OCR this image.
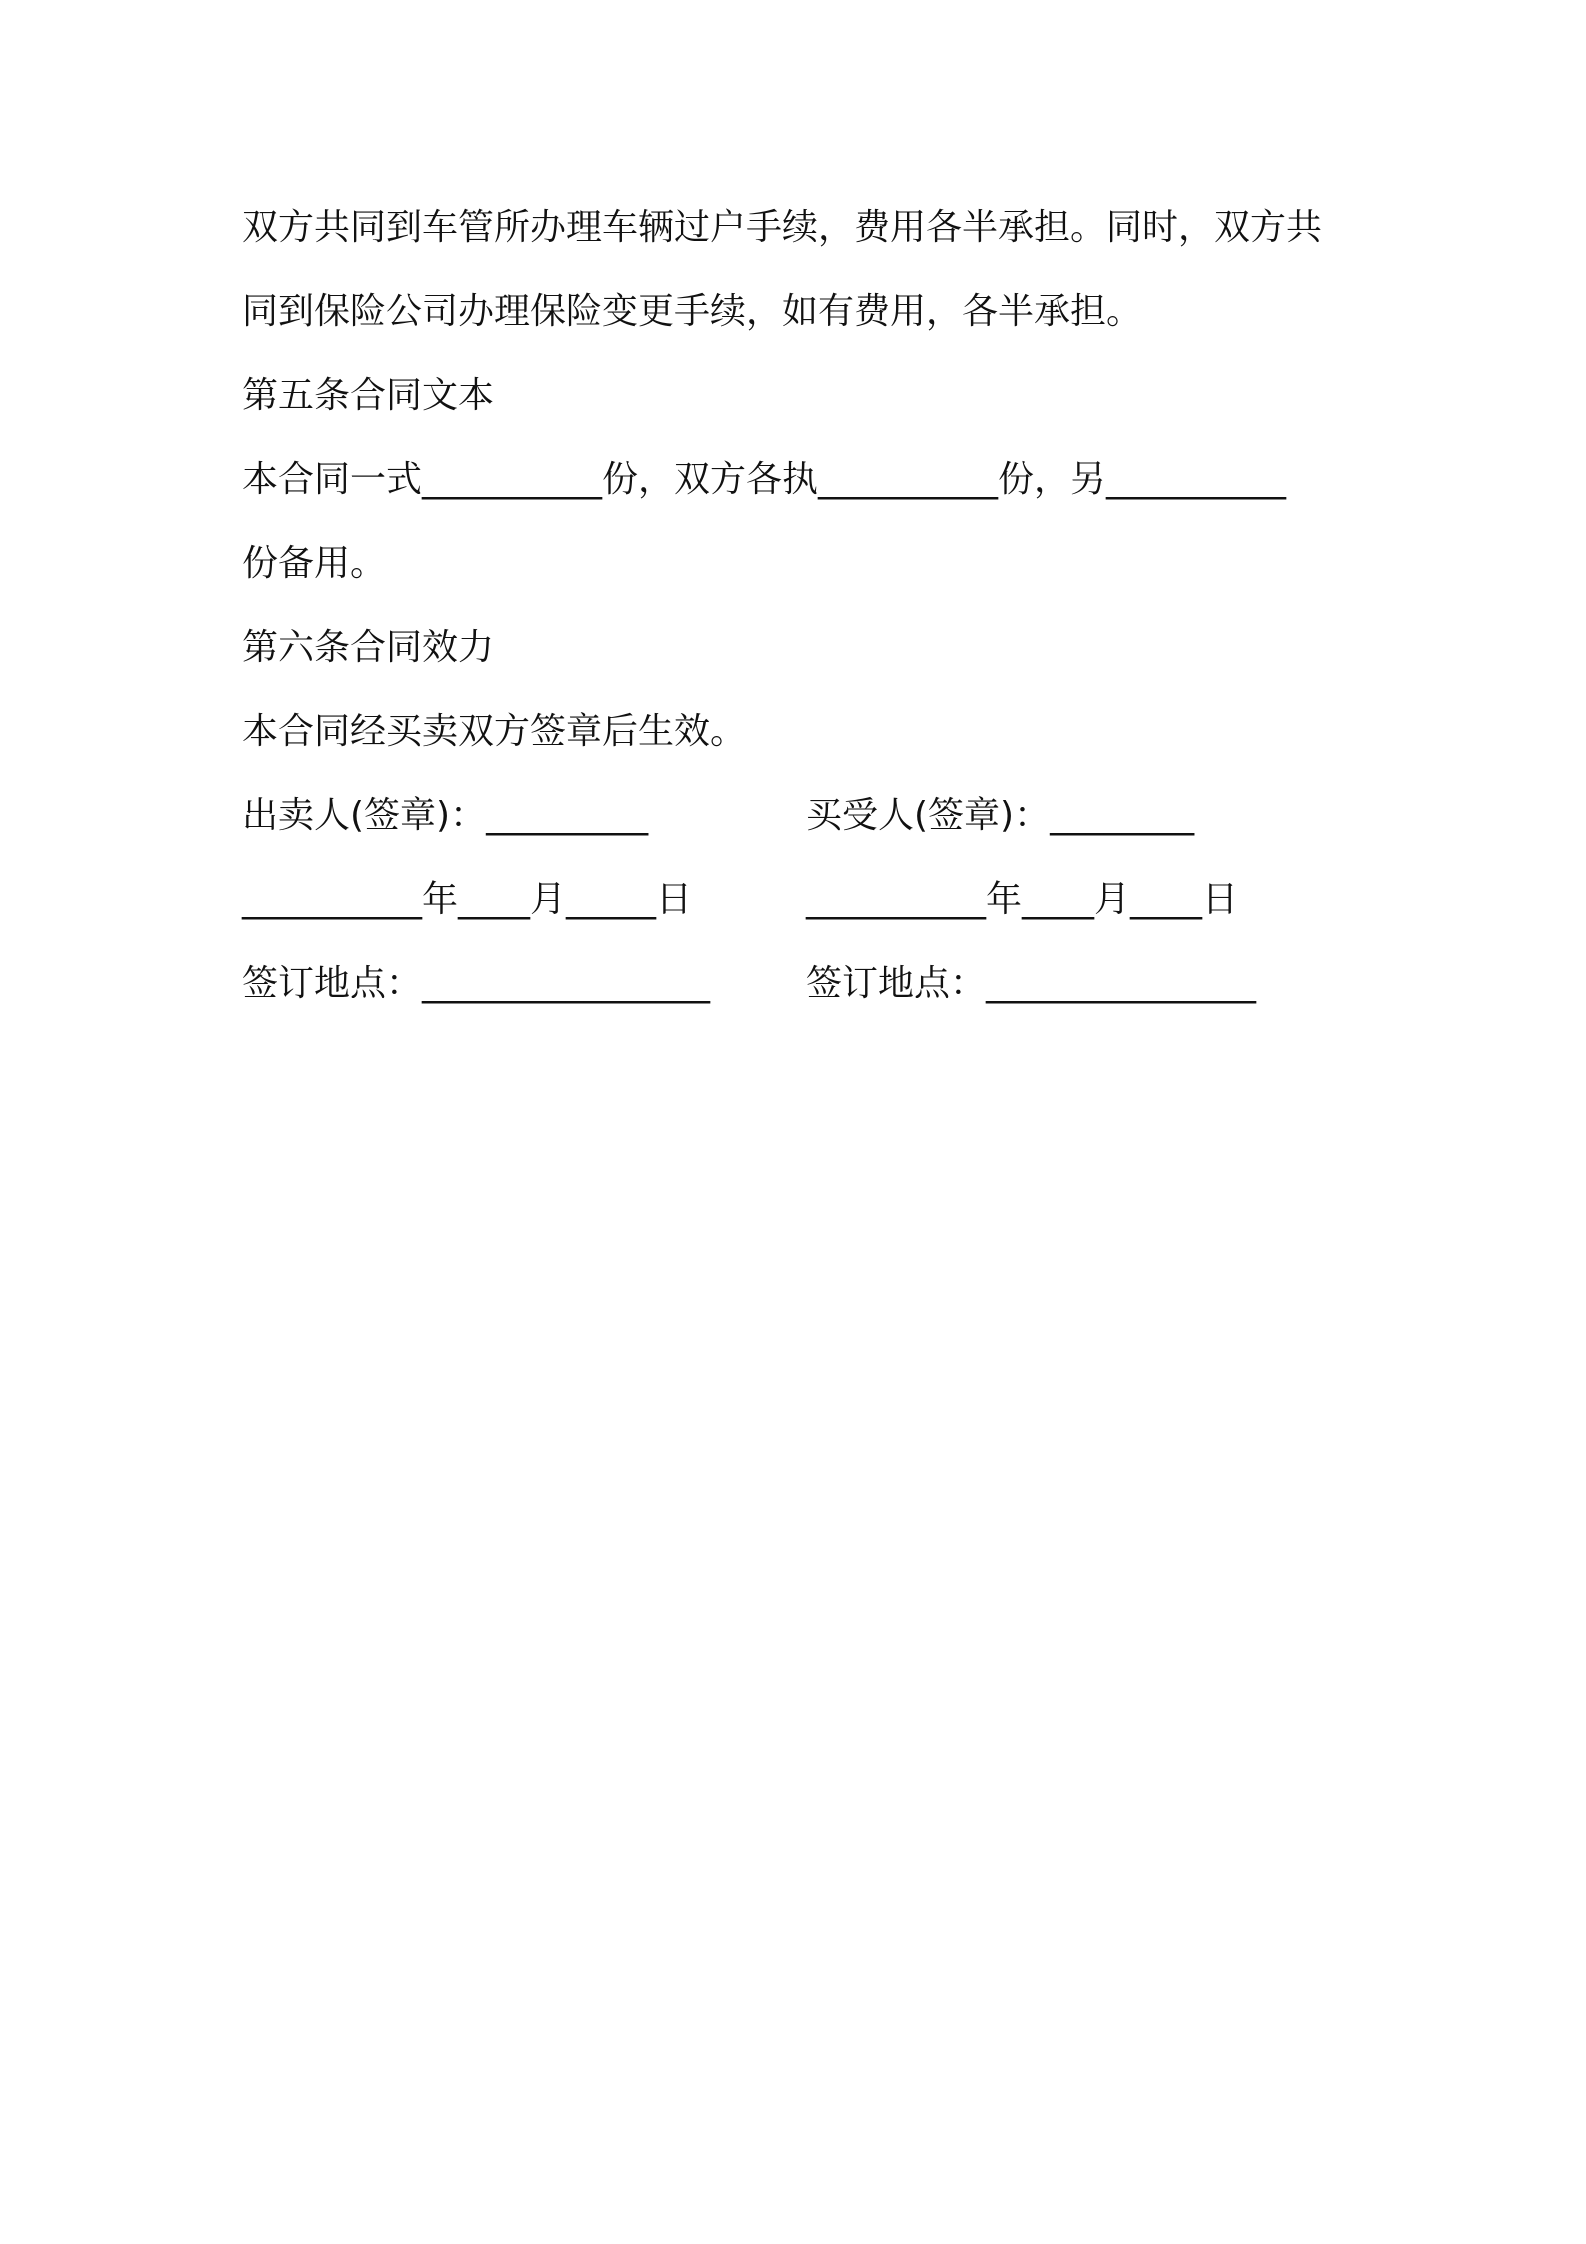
双方共同到车管所办理车辆过户手续，费用各半承担。同时，双方共
同到保险公司办理保险变更手续，如有费用，各半承担。
第五条合同文本
本合同一式__________份，双方各执__________份，另__________
份备用。
第六条合同效力
本合同经买卖双方签章后生效。
出卖人(签章)：_________	买受人(签章)：________
__________年____月_____日	__________年____月____日
签订地点：________________	签订地点：_______________
